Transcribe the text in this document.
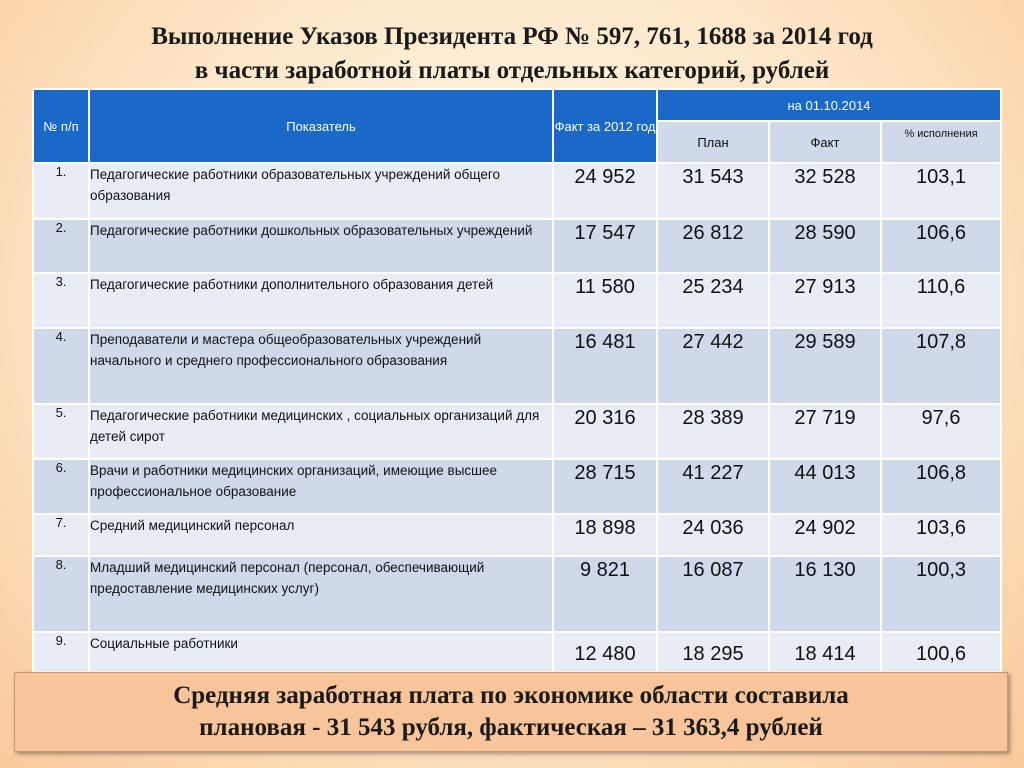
Выполнение Указов Президента РФ № 597, 761, 1688 за 2014 год
в части заработной платы отдельных категорий, рублей
№ п/п	Показатель	Факт за 2012 год	на 01.10.2014		
			План	Факт	% исполнения
1.	Педагогические работники образовательных учреждений общего образования	24 952	31 543	32 528	103,1
2.	Педагогические работники дошкольных образовательных учреждений	17 547	26 812	28 590	106,6
3.	Педагогические работники дополнительного образования детей	11 580	25 234	27 913	110,6
4.	Преподаватели и мастера общеобразовательных учреждений начального и среднего профессионального образования	16 481	27 442	29 589	107,8
5.	Педагогические работники медицинских , социальных организаций для детей сирот	20 316	28 389	27 719	97,6
6.	Врачи и работники медицинских организаций, имеющие высшее профессиональное образование	28 715	41 227	44 013	106,8
7.	Средний медицинский персонал	18 898	24 036	24 902	103,6
8.	Младший медицинский персонал (персонал, обеспечивающий предоставление медицинских услуг)	9 821	16 087	16 130	100,3
9.	Социальные работники	12 480	18 295	18 414	100,6
Средняя заработная плата по экономике области составила
плановая - 31 543 рубля, фактическая – 31 363,4 рублей
